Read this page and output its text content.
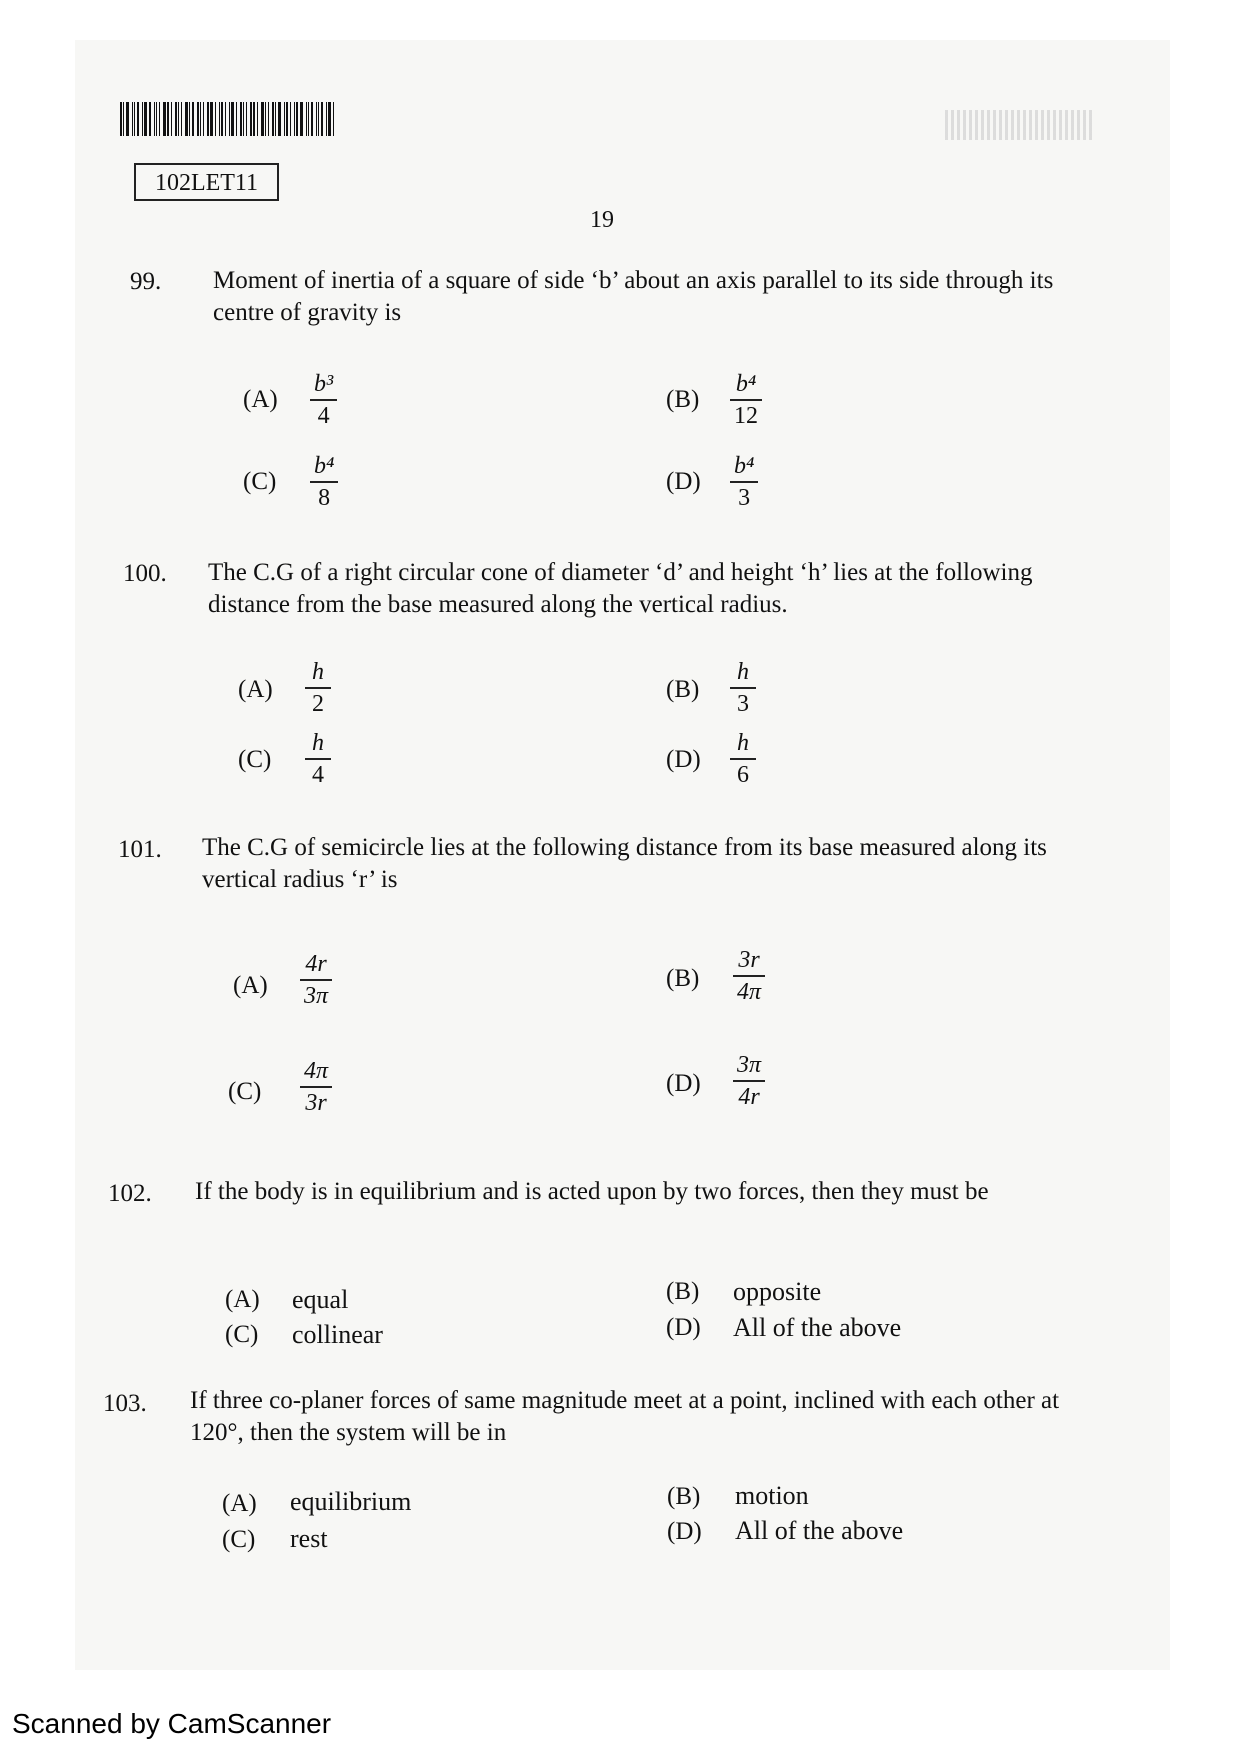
102LET11
19
99. Moment of inertia of a square of side ‘b’ about an axis parallel to its side through its centre of gravity is
(A)
b³
4
(B)
b⁴
12
(C)
b⁴
8
(D)
b⁴
3
100. The C.G of a right circular cone of diameter ‘d’ and height ‘h’ lies at the following distance from the base measured along the vertical radius.
(A)
h
2
(B)
h
3
(C)
h
4
(D)
h
6
101. The C.G of semicircle lies at the following distance from its base measured along its vertical radius ‘r’ is
(A)
4r
3π
(B)
3r
4π
(C)
4π
3r
(D)
3π
4r
102. If the body is in equilibrium and is acted upon by two forces, then they must be
(A) equal	(B) opposite
(C) collinear	(D) All of the above
103. If three co-planer forces of same magnitude meet at a point, inclined with each other at 120°, then the system will be in
(A) equilibrium	(B) motion
(C) rest	(D) All of the above
Scanned by CamScanner
